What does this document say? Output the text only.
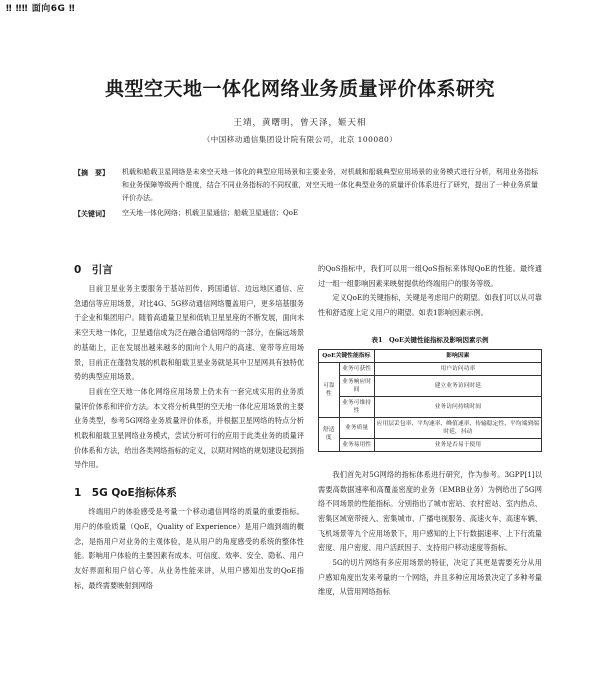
‼ ‼‼ 面向6G ‼
典型空天地一体化网络业务质量评价体系研究
王靖，黄曙明，曾天泽，姬天相
（中国移动通信集团设计院有限公司，北京 100080）
【摘　要】	机载和船载卫星网络是未来空天地一体化的典型应用场景和主要业务，对机载和船载典型应用场景的业务模式进行分析，利用业务指标和业务保障等级两个维度，结合不同业务指标的不同权重，对空天地一体化典型业务的质量评价体系进行了研究，提出了一种业务质量评价办法。
【关键词】	空天地一体化网络；机载卫星通信；船载卫星通信；QoE
0　引言

目前卫星业务主要服务于基站回传、跨国通信、边远地区通信、应急通信等应用场景，对比4G、5G移动通信网络覆盖用户，更多培基服务于企业和集团用户。随着高通量卫星和低轨卫星星座的不断发展，面向未来空天地一体化，卫星通信成为泛在融合通信网络的一部分，在偏远场景的基础上，正在发展出越来越多的面向个人用户的高速、宽带等应用场景，目前正在蓬勃发展的机载和船载卫星业务就是其中卫星网具有独特优势的典型应用场景。

目前在空天地一体化网络应用场景上仍未有一套完成实用的业务质量评价体系和评价方法。本文将分析典型的空天地一体化应用场景的主要业务类型，参考5G网络业务质量评价体系，并根据卫星网络的特点分析机载和船载卫星网络业务模式，尝试分析可行的应用于此类业务的质量评价体系和方法，给出各类网络指标的定义，以期对网络的规划建设起到指导作用。

1　5G QoE指标体系

终端用户的体验感受是考量一个移动通信网络的质量的重要指标。用户的体验质量（QoE，Quality of Experience）是用户端到端的概念，是指用户对业务的主观体验，是从用户的角度感受的系统的整体性能。影响用户体验的主要因素有成本、可信度、效率、安全、隐私、用户友好界面和用户信心等。从业务性能来讲，从用户感知出发的QoE指标，最终需要映射到网络

的QoS指标中，我们可以用一组QoS指标来体现QoE的性能。最终通过一组一组影响因素来映射提供给终端用户的服务等级。

定义QoE的关键指标，关键是考虑用户的期望。如我们可以从可靠性和舒适度上定义用户的期望。如表1影响因素示例。

表1　QoE关键性能指标及影响因素示例
QoE关键性能指标		影响因素
可靠性	业务可获性	用户访问功率
	业务响应时间	建立业务访问时延
	业务可维持性	业务访问持续时间
舒适度	业务质量	应用层丢包率、平均速率、峰值速率、传输稳定性、平均端到端时延，抖动
	业务易用性	业务是否易于使用

我们首先对5G网络的指标体系进行研究，作为参考。3GPP[1]以需要高数据速率和高覆盖密度的业务（EMBB业务）为例给出了5G网络不同场景的性能指标。分别指出了城市密站、农村密站、室内热点、密集区域宽带接入、密集城市、广播电视服务、高速火车、高速车辆、飞机场景等九个应用场景下，用户感知的上下行数据速率、上下行流量密度、用户密度、用户活跃因子、支持用户移动速度等指标。

5G的切片网络有多应用场景的特征，决定了其更是需要充分从用户感知角度出发来考量的一个网络，并且多种应用场景决定了多种考量维度，从管用网络指标
